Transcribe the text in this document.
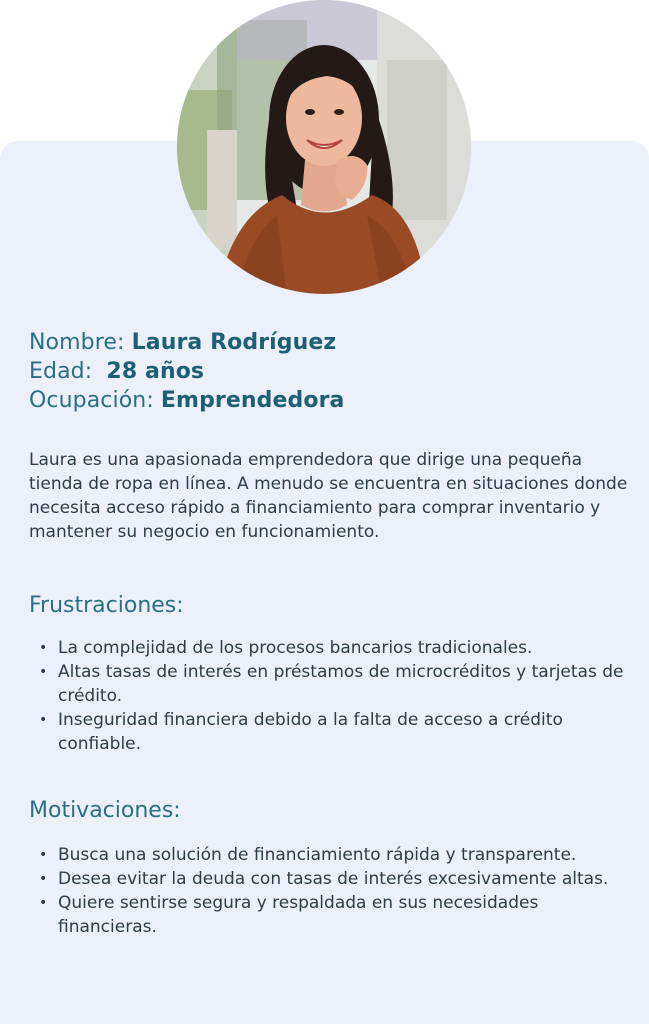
Nombre: Laura Rodríguez
Edad: 28 años
Ocupación: Emprendedora

Laura es una apasionada emprendedora que dirige una pequeña tienda de ropa en línea. A menudo se encuentra en situaciones donde necesita acceso rápido a financiamiento para comprar inventario y mantener su negocio en funcionamiento.

Frustraciones:
• La complejidad de los procesos bancarios tradicionales.
• Altas tasas de interés en préstamos de microcréditos y tarjetas de crédito.
• Inseguridad financiera debido a la falta de acceso a crédito confiable.
Motivaciones:
• Busca una solución de financiamiento rápida y transparente.
• Desea evitar la deuda con tasas de interés excesivamente altas.
• Quiere sentirse segura y respaldada en sus necesidades financieras.
